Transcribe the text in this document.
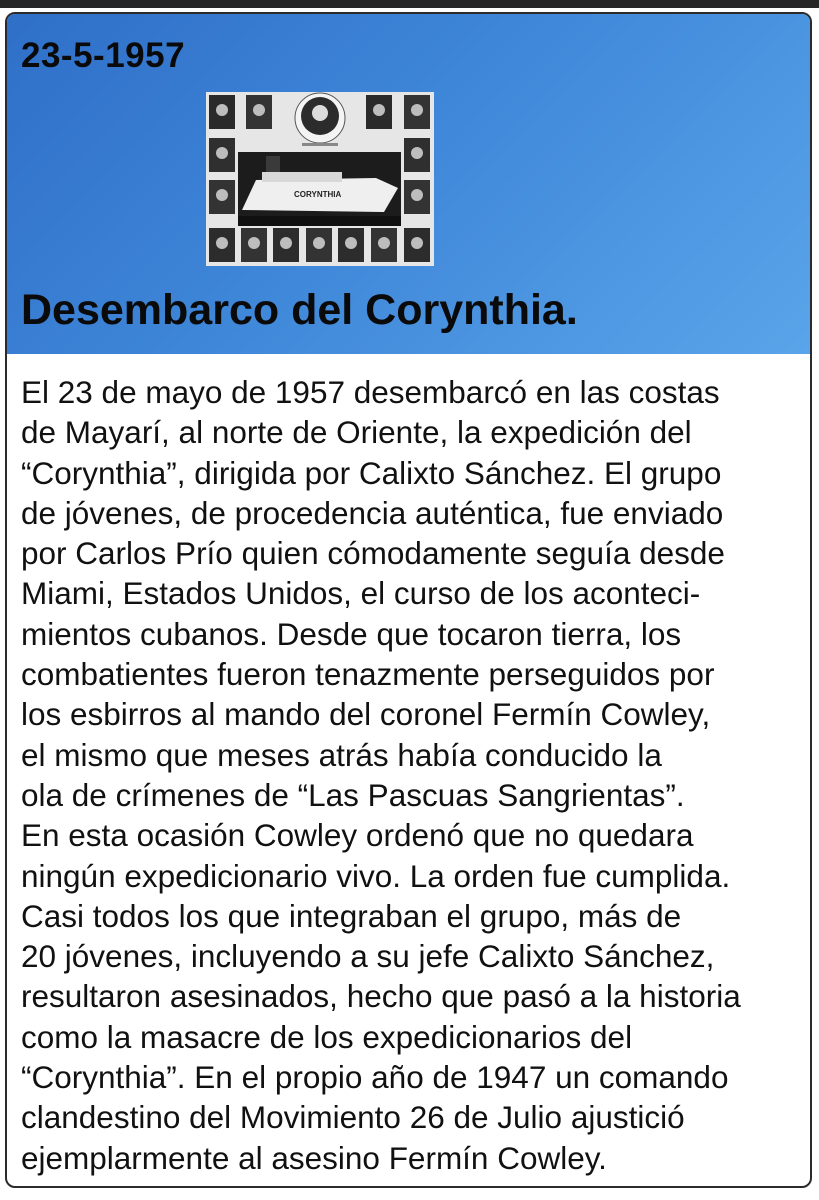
23-5-1957
CORYNTHIA
Desembarco del Corynthia.
El 23 de mayo de 1957 desembarcó en las costas
de Mayarí, al norte de Oriente, la expedición del
“Corynthia”, dirigida por Calixto Sánchez. El grupo
de jóvenes, de procedencia auténtica, fue enviado
por Carlos Prío quien cómodamente seguía desde
Miami, Estados Unidos, el curso de los aconteci-
mientos cubanos. Desde que tocaron tierra, los
combatientes fueron tenazmente perseguidos por
los esbirros al mando del coronel Fermín Cowley,
el mismo que meses atrás había conducido la
ola de crímenes de “Las Pascuas Sangrientas”.
En esta ocasión Cowley ordenó que no quedara
ningún expedicionario vivo. La orden fue cumplida.
Casi todos los que integraban el grupo, más de
20 jóvenes, incluyendo a su jefe Calixto Sánchez,
resultaron asesinados, hecho que pasó a la historia
como la masacre de los expedicionarios del
“Corynthia”. En el propio año de 1947 un comando
clandestino del Movimiento 26 de Julio ajustició
ejemplarmente al asesino Fermín Cowley.
